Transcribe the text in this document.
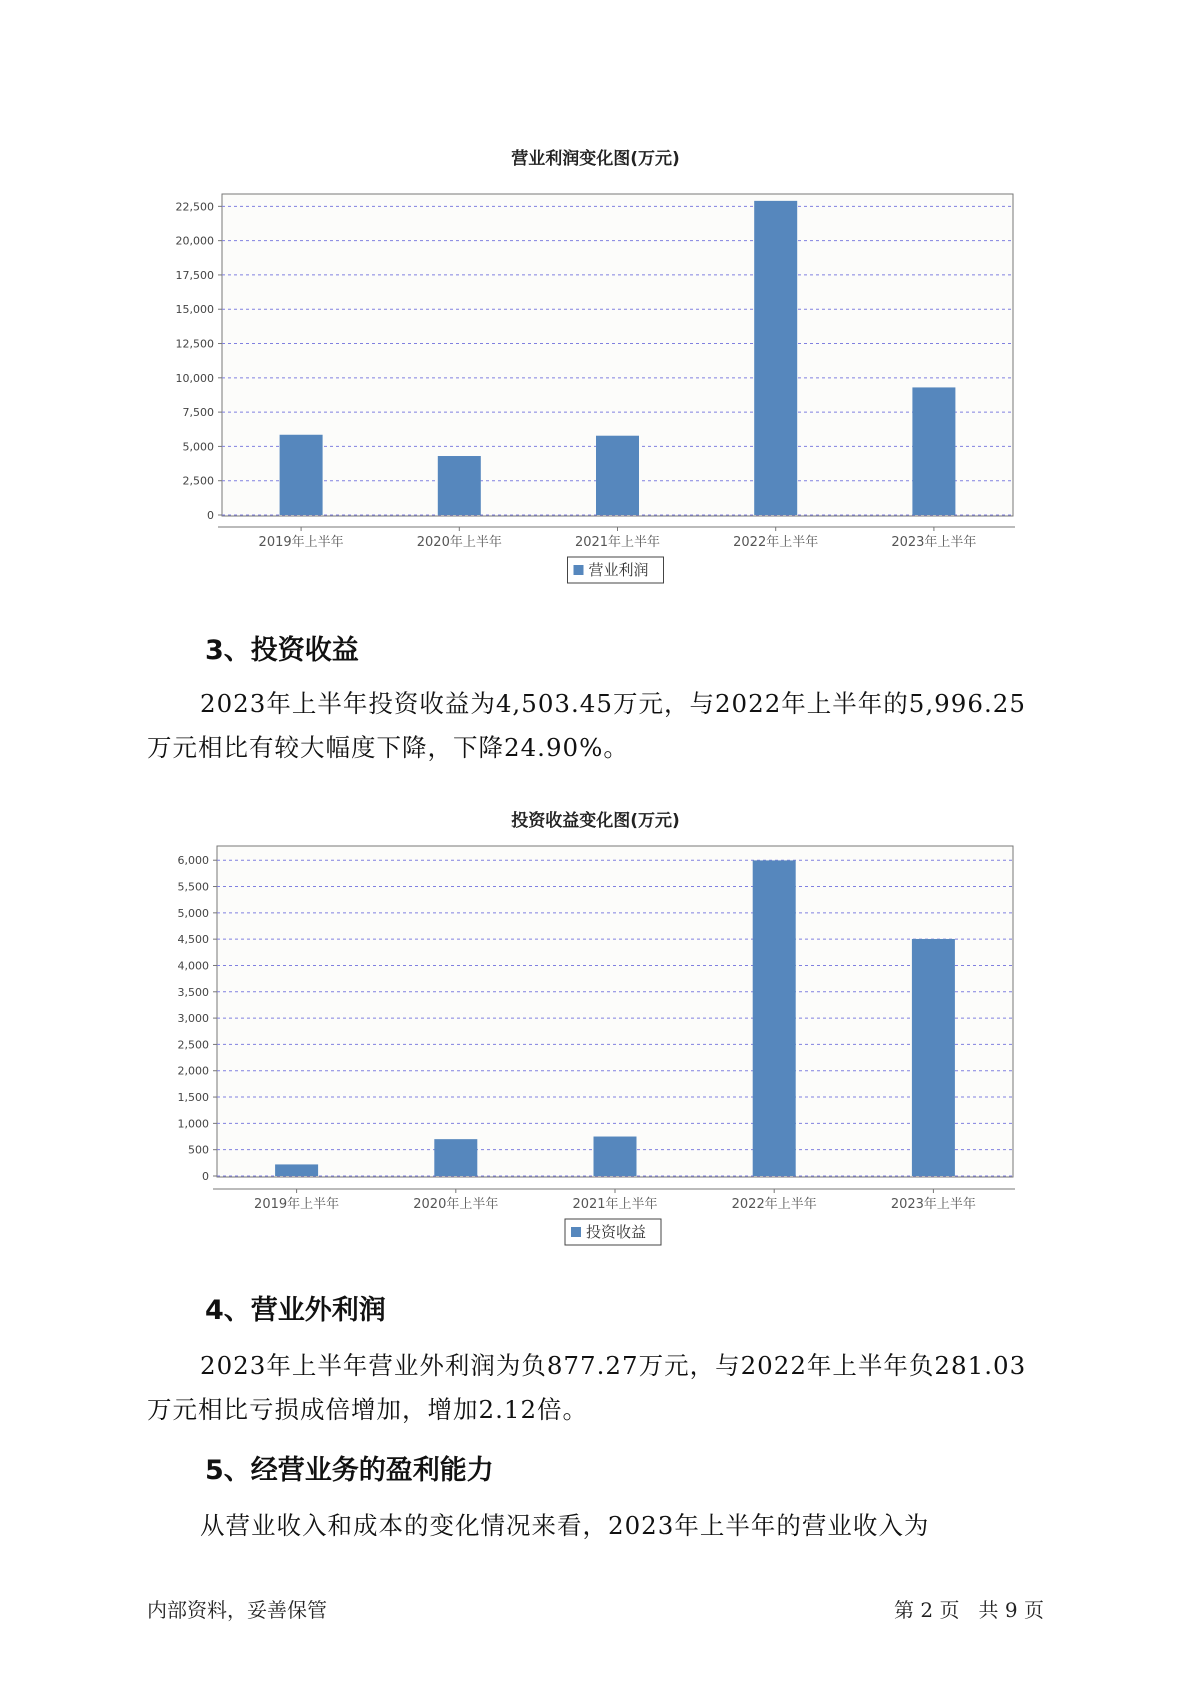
营业利润变化图(万元)
0
2,500
5,000
7,500
10,000
12,500
15,000
17,500
20,000
22,500
2019年上半年	2020年上半年	2021年上半年	2022年上半年	2023年上半年
营业利润
3、投资收益
2023年上半年投资收益为4,503.45万元，与2022年上半年的5,996.25
万元相比有较大幅度下降，下降24.90%。
投资收益变化图(万元)
0
500
1,000
1,500
2,000
2,500
3,000
3,500
4,000
4,500
5,000
5,500
6,000
2019年上半年	2020年上半年	2021年上半年	2022年上半年	2023年上半年
投资收益
4、营业外利润
2023年上半年营业外利润为负877.27万元，与2022年上半年负281.03
万元相比亏损成倍增加，增加2.12倍。
5、经营业务的盈利能力
从营业收入和成本的变化情况来看，2023年上半年的营业收入为
内部资料，妥善保管	第 2 页   共 9 页
